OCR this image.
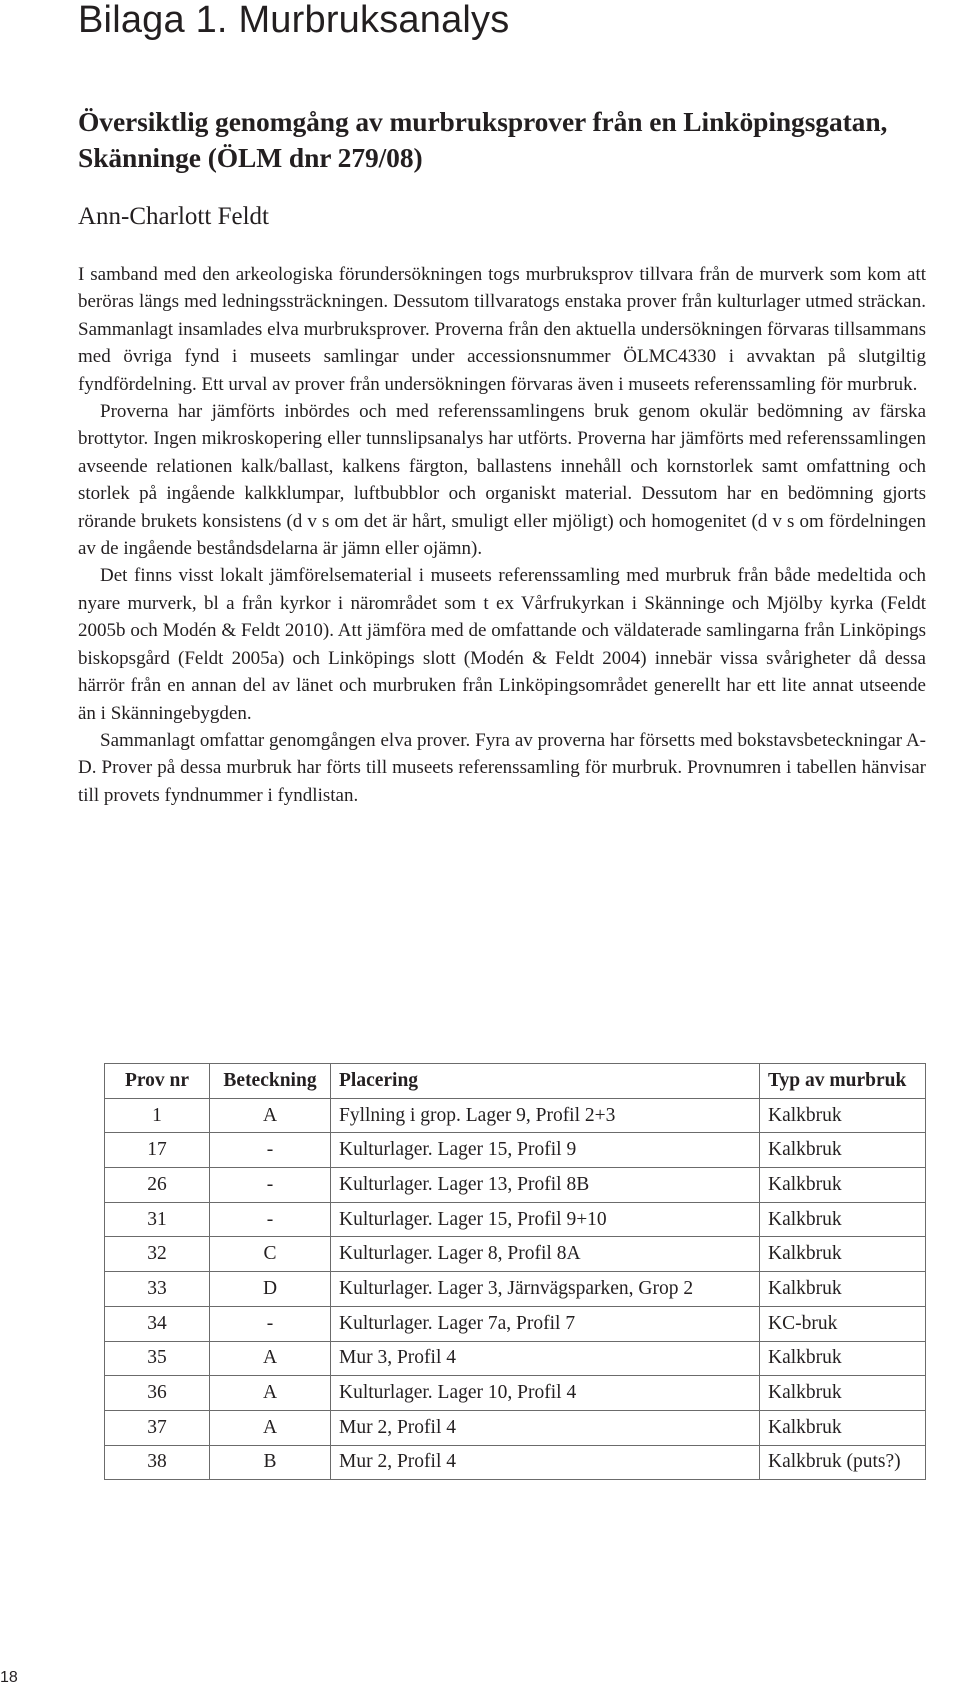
Bilaga 1. Murbruksanalys
Översiktlig genomgång av murbruksprover från en Linköpingsgatan, Skänninge (ÖLM dnr 279/08)
Ann-Charlott Feldt

I samband med den arkeologiska förundersökningen togs murbruksprov tillvara från de murverk som kom att beröras längs med ledningssträckningen. Dessutom tillvaratogs enstaka prover från kulturlager utmed sträckan. Sammanlagt insamlades elva murbruksprover. Proverna från den aktuella undersökningen förvaras tillsammans med övriga fynd i museets samlingar under accessionsnummer ÖLMC4330 i avvaktan på slutgiltig fyndfördelning. Ett urval av prover från undersökningen förvaras även i museets referenssamling för murbruk.

Proverna har jämförts inbördes och med referenssamlingens bruk genom okulär bedömning av färska brottytor. Ingen mikroskopering eller tunnslipsanalys har utförts. Proverna har jämförts med referenssamlingen avseende relationen kalk/ballast, kalkens färgton, ballastens innehåll och kornstorlek samt omfattning och storlek på ingående kalkklumpar, luftbubblor och organiskt material. Dessutom har en bedömning gjorts rörande brukets konsistens (d v s om det är hårt, smuligt eller mjöligt) och homogenitet (d v s om fördelningen av de ingående beståndsdelarna är jämn eller ojämn).

Det finns visst lokalt jämförelsematerial i museets referenssamling med murbruk från både medeltida och nyare murverk, bl a från kyrkor i närområdet som t ex Vårfrukyrkan i Skänninge och Mjölby kyrka (Feldt 2005b och Modén & Feldt 2010). Att jämföra med de omfattande och väldaterade samlingarna från Linköpings biskopsgård (Feldt 2005a) och Linköpings slott (Modén & Feldt 2004) innebär vissa svårigheter då dessa härrör från en annan del av länet och murbruken från Linköpingsområdet generellt har ett lite annat utseende än i Skänningebygden.

Sammanlagt omfattar genomgången elva prover. Fyra av proverna har försetts med bokstavsbeteckningar A-D. Prover på dessa murbruk har förts till museets referenssamling för murbruk. Provnumren i tabellen hänvisar till provets fyndnummer i fyndlistan.

Prov nr	Beteckning	Placering	Typ av murbruk
1	A	Fyllning i grop. Lager 9, Profil 2+3	Kalkbruk
17	-	Kulturlager. Lager 15, Profil 9	Kalkbruk
26	-	Kulturlager. Lager 13, Profil 8B	Kalkbruk
31	-	Kulturlager. Lager 15, Profil 9+10	Kalkbruk
32	C	Kulturlager. Lager 8, Profil 8A	Kalkbruk
33	D	Kulturlager. Lager 3, Järnvägsparken, Grop 2	Kalkbruk
34	-	Kulturlager. Lager 7a, Profil 7	KC-bruk
35	A	Mur 3, Profil 4	Kalkbruk
36	A	Kulturlager. Lager 10, Profil 4	Kalkbruk
37	A	Mur 2, Profil 4	Kalkbruk
38	B	Mur 2, Profil 4	Kalkbruk (puts?)
18
